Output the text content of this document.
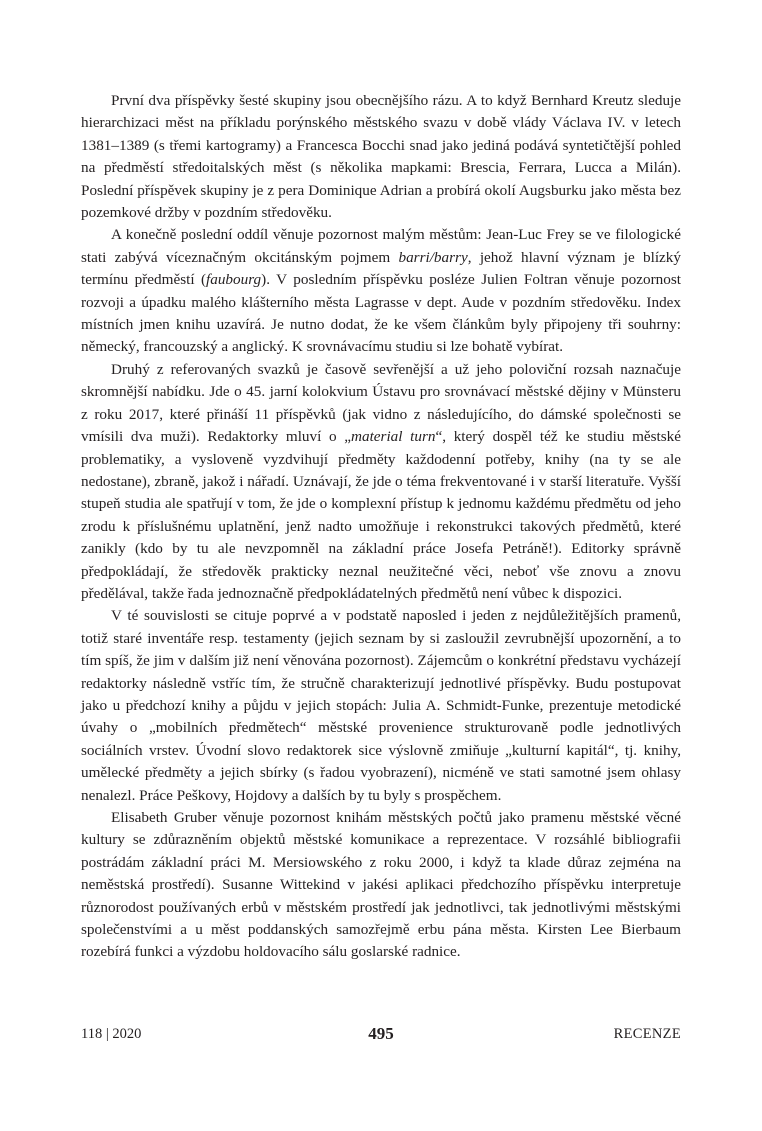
První dva příspěvky šesté skupiny jsou obecnějšího rázu. A to když Bernhard Kreutz sleduje hierarchizaci měst na příkladu porýnského městského svazu v době vlády Václava IV. v letech 1381–1389 (s třemi kartogramy) a Francesca Bocchi snad jako jediná podává syntetičtější pohled na předměstí středoitalských měst (s několika mapkami: Brescia, Ferrara, Lucca a Milán). Poslední příspěvek skupiny je z pera Dominique Adrian a probírá okolí Augsburku jako města bez pozemkové držby v pozdním středověku.

A konečně poslední oddíl věnuje pozornost malým městům: Jean-Luc Frey se ve filologické stati zabývá víceznačným okcitánským pojmem barri/barry, jehož hlavní význam je blízký termínu předměstí (faubourg). V posledním příspěvku posléze Julien Foltran věnuje pozornost rozvoji a úpadku malého klášterního města Lagrasse v dept. Aude v pozdním středověku. Index místních jmen knihu uzavírá. Je nutno dodat, že ke všem článkům byly připojeny tři souhrny: německý, francouzský a anglický. K srovnávacímu studiu si lze bohatě vybírat.

Druhý z referovaných svazků je časově sevřenější a už jeho poloviční rozsah naznačuje skromnější nabídku. Jde o 45. jarní kolokvium Ústavu pro srovnávací městské dějiny v Münsteru z roku 2017, které přináší 11 příspěvků (jak vidno z následujícího, do dámské společnosti se vmísili dva muži). Redaktorky mluví o „material turn“, který dospěl též ke studiu městské problematiky, a vysloveně vyzdvihují předměty každodenní potřeby, knihy (na ty se ale nedostane), zbraně, jakož i nářadí. Uznávají, že jde o téma frekventované i v starší literatuře. Vyšší stupeň studia ale spatřují v tom, že jde o komplexní přístup k jednomu každému předmětu od jeho zrodu k příslušnému uplatnění, jenž nadto umožňuje i rekonstrukci takových předmětů, které zanikly (kdo by tu ale nevzpomněl na základní práce Josefa Petráně!). Editorky správně předpokládají, že středověk prakticky neznal neužitečné věci, neboť vše znovu a znovu předělával, takže řada jednoznačně předpokládatelných předmětů není vůbec k dispozici.

V té souvislosti se cituje poprvé a v podstatě naposled i jeden z nejdůležitějších pramenů, totiž staré inventáře resp. testamenty (jejich seznam by si zasloužil zevrubnější upozornění, a to tím spíš, že jim v dalším již není věnována pozornost). Zájemcům o konkrétní představu vycházejí redaktorky následně vstříc tím, že stručně charakterizují jednotlivé příspěvky. Budu postupovat jako u předchozí knihy a půjdu v jejich stopách: Julia A. Schmidt-Funke, prezentuje metodické úvahy o „mobilních předmětech“ městské provenience strukturovaně podle jednotlivých sociálních vrstev. Úvodní slovo redaktorek sice výslovně zmiňuje „kulturní kapitál“, tj. knihy, umělecké předměty a jejich sbírky (s řadou vyobrazení), nicméně ve stati samotné jsem ohlasy nenalezl. Práce Peškovy, Hojdovy a dalších by tu byly s prospěchem.

Elisabeth Gruber věnuje pozornost knihám městských počtů jako pramenu městské věcné kultury se zdůrazněním objektů městské komunikace a reprezentace. V rozsáhlé bibliografii postrádám základní práci M. Mersiowského z roku 2000, i když ta klade důraz zejména na neměstská prostředí). Susanne Wittekind v jakési aplikaci předchozího příspěvku interpretuje různorodost používaných erbů v městském prostředí jak jednotlivci, tak jednotlivými městskými společenstvími a u měst poddanských samozřejmě erbu pána města. Kirsten Lee Bierbaum rozebírá funkci a výzdobu holdovacího sálu goslarské radnice.

118 | 2020	495	RECENZE
